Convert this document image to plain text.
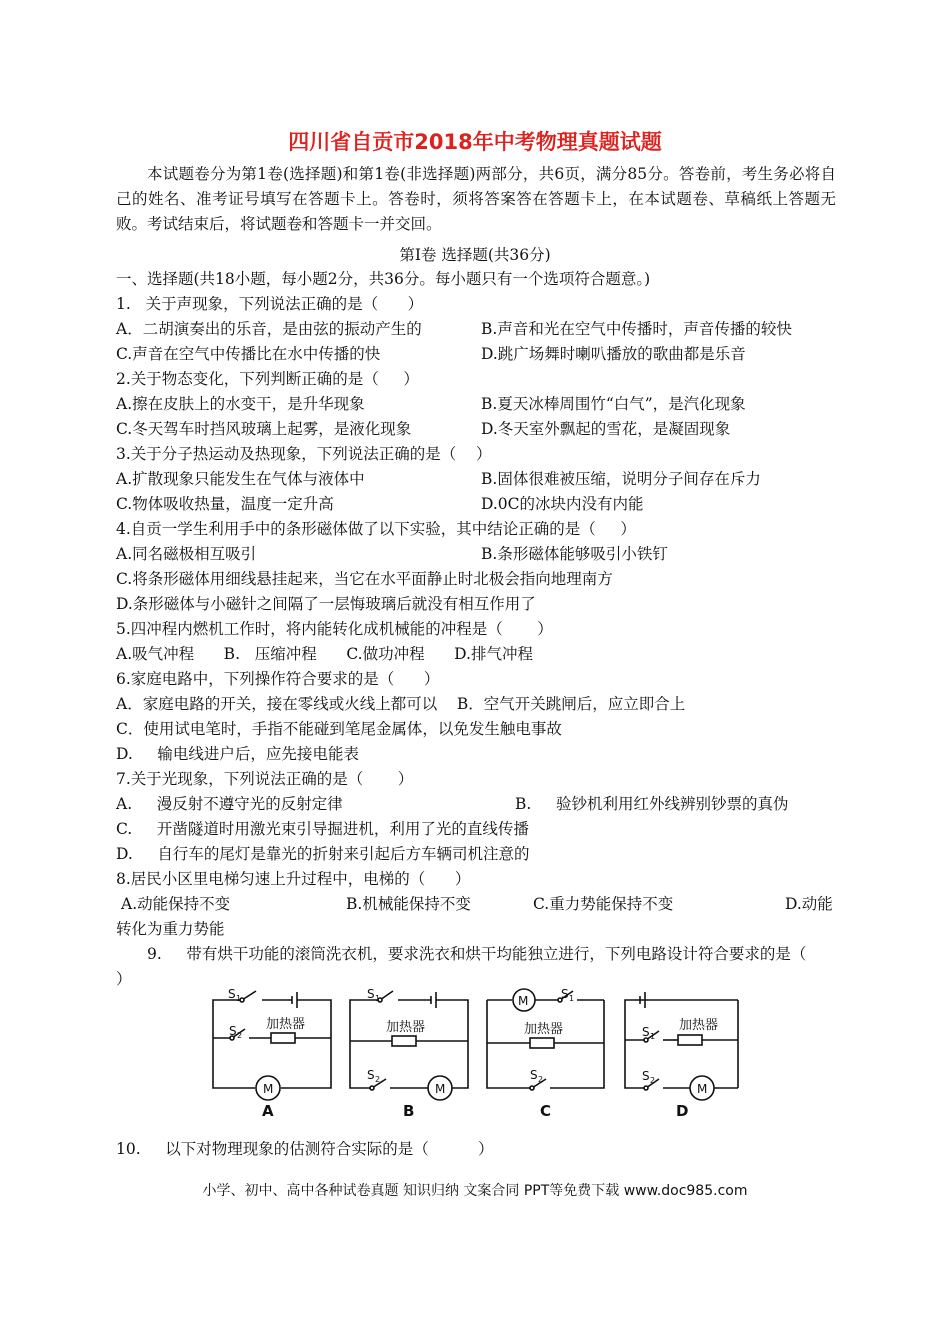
四川省自贡市2018年中考物理真题试题
本试题卷分为第1卷(选择题)和第1卷(非选择题)两部分，共6页，满分85分。答卷前，考生务必将自己的姓名、准考证号填写在答题卡上。答卷时，须将答案答在答题卡上，在本试题卷、草稿纸上答题无败。考试结束后，将试题卷和答题卡一并交回。
第Ⅰ卷 选择题(共36分)
一、选择题(共18小题，每小题2分，共36分。每小题只有一个选项符合题意。)
1.   关于声现象，下列说法正确的是（      ）
A．二胡演奏出的乐音，是由弦的振动产生的	B.声音和光在空气中传播时，声音传播的较快
C.声音在空气中传播比在水中传播的快	D.跳广场舞时喇叭播放的歌曲都是乐音
2.关于物态变化，下列判断正确的是（     ）
A.擦在皮肤上的水变干，是升华现象	B.夏天冰棒周围竹“白气”，是汽化现象
C.冬天驾车时挡风玻璃上起雾，是液化现象	D.冬天室外飘起的雪花，是凝固现象
3.关于分子热运动及热现象，下列说法正确的是（    ）
A.扩散现象只能发生在气体与液体中	B.固体很难被压缩，说明分子间存在斥力
C.物体吸收热量，温度一定升高	D.0C的冰块内没有内能
4.自贡一学生利用手中的条形磁体做了以下实验，其中结论正确的是（     ）
A.同名磁极相互吸引	B.条形磁体能够吸引小铁钉
C.将条形磁体用细线悬挂起来，当它在水平面静止时北极会指向地理南方
D.条形磁体与小磁针之间隔了一层悔玻璃后就没有相互作用了
5.四冲程内燃机工作时，将内能转化成机械能的冲程是（       ）
A.吸气冲程      B.   压缩冲程      C.做功冲程      D.排气冲程
6.家庭电路中，下列操作符合要求的是（      ）
A．家庭电路的开关，接在零线或火线上都可以    B．空气开关跳闸后，应立即合上
C．使用试电笔时，手指不能碰到笔尾金属体，以免发生触电事故
D.     输电线进户后，应先接电能表
7.关于光现象，下列说法正确的是（       ）
A.     漫反射不遵守光的反射定律	B.     验钞机利用红外线辨别钞票的真伪
C.     开凿隧道时用激光束引导掘进机，利用了光的直线传播
D.     自行车的尾灯是靠光的折射来引起后方车辆司机注意的
8.居民小区里电梯匀速上升过程中，电梯的（      ）
A.动能保持不变	B.机械能保持不变	C.重力势能保持不变	D.动能
转化为重力势能
9.     带有烘干功能的滚筒洗衣机，要求洗衣和烘干均能独立进行，下列电路设计符合要求的是（
）
S 1
S 2
加热器
M
A
S 1
加热器
S 2
M
B
M	S 1
加热器
S 2
C
S 1
加热器
S 2
M
D
10.     以下对物理现象的估测符合实际的是（          ）
小学、初中、高中各种试卷真题 知识归纳 文案合同 PPT等免费下载 www.doc985.com
